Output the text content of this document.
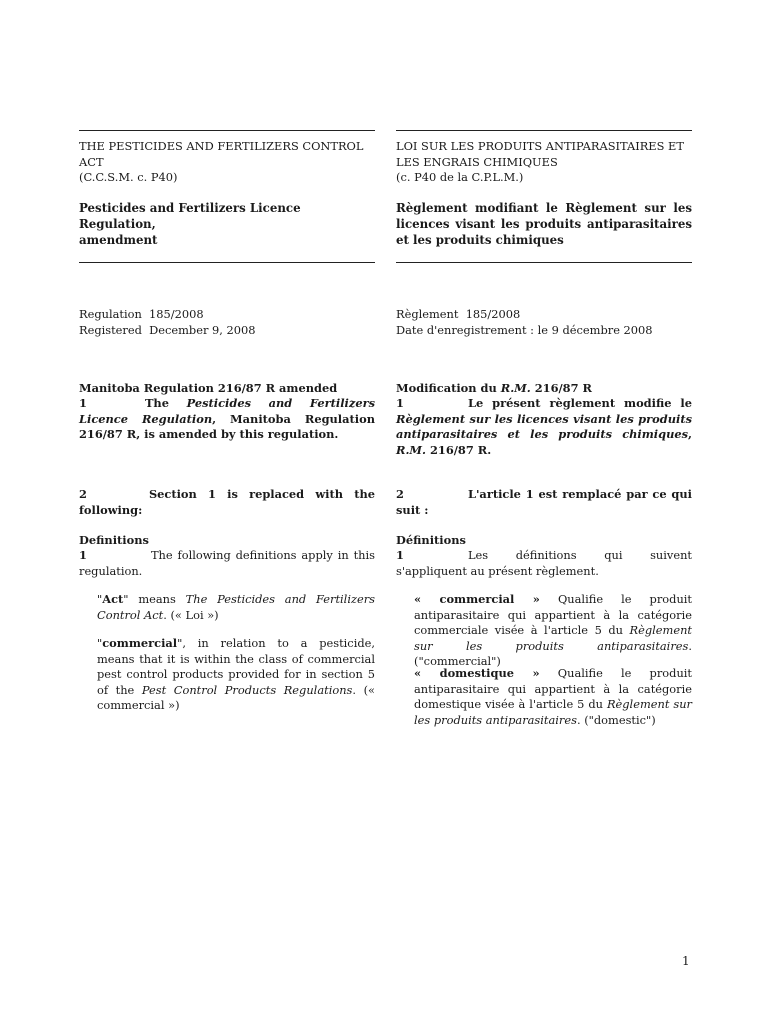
THE PESTICIDES AND FERTILIZERS CONTROL
ACT
(C.C.S.M. c. P40)
Pesticides and Fertilizers Licence Regulation,
amendment
Regulation  185/2008
Registered  December 9, 2008
Manitoba Regulation 216/87 R amended
1	The Pesticides and Fertilizers Licence Regulation, Manitoba Regulation 216/87 R, is amended by this regulation.
2	Section 1 is replaced with the following:
Definitions
1	The following definitions apply in this regulation.
"Act" means The Pesticides and Fertilizers Control Act. (« Loi »)
"commercial", in relation to a pesticide, means that it is within the class of commercial pest control products provided for in section 5 of the Pest Control Products Regulations. (« commercial »)
LOI SUR LES PRODUITS ANTIPARASITAIRES ET
LES ENGRAIS CHIMIQUES
(c. P40 de la C.P.L.M.)
Règlement modifiant le Règlement sur les licences visant les produits antiparasitaires et les produits chimiques
Règlement  185/2008
Date d'enregistrement : le 9 décembre 2008
Modification du R.M. 216/87 R
1	Le présent règlement modifie le Règlement sur les licences visant les produits antiparasitaires et les produits chimiques, R.M. 216/87 R.
2	L'article 1 est remplacé par ce qui suit :
Définitions
1	Les définitions qui suivent s'appliquent au présent règlement.
« commercial » Qualifie le produit antiparasitaire qui appartient à la catégorie commerciale visée à l'article 5 du Règlement sur les produits antiparasitaires. ("commercial")
« domestique » Qualifie le produit antiparasitaire qui appartient à la catégorie domestique visée à l'article 5 du Règlement sur les produits antiparasitaires. ("domestic")
1
